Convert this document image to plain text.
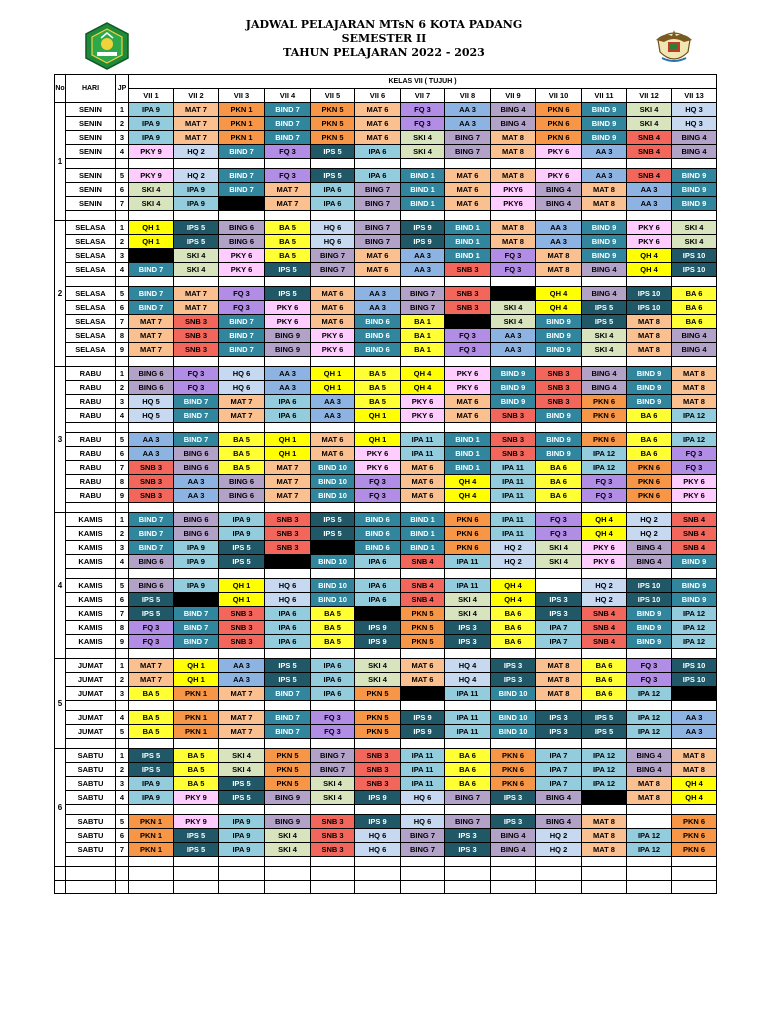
JADWAL PELAJARAN MTsN 6 KOTA PADANG
SEMESTER II
TAHUN PELAJARAN 2022 - 2023
No	HARI	JP	KELAS VII ( TUJUH )												
			VII 1	VII 2	VII 3	VII 4	VII 5	VII 6	VII 7	VII 8	VII 9	VII 10	VII 11	VII 12	VII 13
1	SENIN	1	IPA 9	MAT 7	PKN 1	BIND 7	PKN 5	MAT 6	FQ 3	AA 3	BING 4	PKN 6	BIND 9	SKI 4	HQ 3
	SENIN	2	IPA 9	MAT 7	PKN 1	BIND 7	PKN 5	MAT 6	FQ 3	AA 3	BING 4	PKN 6	BIND 9	SKI 4	HQ 3
	SENIN	3	IPA 9	MAT 7	PKN 1	BIND 7	PKN 5	MAT 6	SKI 4	BING 7	MAT 8	PKN 6	BIND 9	SNB 4	BING 4
	SENIN	4	PKY 9	HQ 2	BIND 7	FQ 3	IPS 5	IPA 6	SKI 4	BING 7	MAT 8	PKY 6	AA 3	SNB 4	BING 4

	SENIN	5	PKY 9	HQ 2	BIND 7	FQ 3	IPS 5	IPA 6	BIND 1	MAT 6	MAT 8	PKY 6	AA 3	SNB 4	BIND 9
	SENIN	6	SKI 4	IPA 9	BIND 7	MAT 7	IPA 6	BING 7	BIND 1	MAT 6	PKY6	BING 4	MAT 8	AA 3	BIND 9
	SENIN	7	SKI 4	IPA 9		MAT 7	IPA 6	BING 7	BIND 1	MAT 6	PKY6	BING 4	MAT 8	AA 3	BIND 9

2	SELASA	1	QH 1	IPS 5	BING 6	BA 5	HQ 6	BING 7	IPS 9	BIND 1	MAT 8	AA 3	BIND 9	PKY 6	SKI 4
	SELASA	2	QH 1	IPS 5	BING 6	BA 5	HQ 6	BING 7	IPS 9	BIND 1	MAT 8	AA 3	BIND 9	PKY 6	SKI 4
	SELASA	3		SKI 4	PKY 6	BA 5	BING 7	MAT 6	AA 3	BIND 1	FQ 3	MAT 8	BIND 9	QH 4	IPS 10
	SELASA	4	BIND 7	SKI 4	PKY 6	IPS 5	BING 7	MAT 6	AA 3	SNB 3	FQ 3	MAT 8	BING 4	QH 4	IPS 10

	SELASA	5	BIND 7	MAT 7	FQ 3	IPS 5	MAT 6	AA 3	BING 7	SNB 3		QH 4	BING 4	IPS 10	BA 6
	SELASA	6	BIND 7	MAT 7	FQ 3	PKY 6	MAT 6	AA 3	BING 7	SNB 3	SKI 4	QH 4	IPS 5	IPS 10	BA 6
	SELASA	7	MAT 7	SNB 3	BIND 7	PKY 6	MAT 6	BIND 6	BA 1		SKI 4	BIND 9	IPS 5	MAT 8	BA 6
	SELASA	8	MAT 7	SNB 3	BIND 7	BING 9	PKY 6	BIND 6	BA 1	FQ 3	AA 3	BIND 9	SKI 4	MAT 8	BING 4
	SELASA	9	MAT 7	SNB 3	BIND 7	BING 9	PKY 6	BIND 6	BA 1	FQ 3	AA 3	BIND 9	SKI 4	MAT 8	BING 4

3	RABU	1	BING 6	FQ 3	HQ 6	AA 3	QH 1	BA 5	QH 4	PKY 6	BIND 9	SNB 3	BING 4	BIND 9	MAT 8
	RABU	2	BING 6	FQ 3	HQ 6	AA 3	QH 1	BA 5	QH 4	PKY 6	BIND 9	SNB 3	BING 4	BIND 9	MAT 8
	RABU	3	HQ 5	BIND 7	MAT 7	IPA 6	AA 3	BA 5	PKY 6	MAT 6	BIND 9	SNB 3	PKN 6	BIND 9	MAT 8
	RABU	4	HQ 5	BIND 7	MAT 7	IPA 6	AA 3	QH 1	PKY 6	MAT 6	SNB 3	BIND 9	PKN 6	BA 6	IPA 12

	RABU	5	AA 3	BIND 7	BA 5	QH 1	MAT 6	QH 1	IPA 11	BIND 1	SNB 3	BIND 9	PKN 6	BA 6	IPA 12
	RABU	6	AA 3	BING 6	BA 5	QH 1	MAT 6	PKY 6	IPA 11	BIND 1	SNB 3	BIND 9	IPA 12	BA 6	FQ 3
	RABU	7	SNB 3	BING 6	BA 5	MAT 7	BIND 10	PKY 6	MAT 6	BIND 1	IPA 11	BA 6	IPA 12	PKN 6	FQ 3
	RABU	8	SNB 3	AA 3	BING 6	MAT 7	BIND 10	FQ 3	MAT 6	QH 4	IPA 11	BA 6	FQ 3	PKN 6	PKY 6
	RABU	9	SNB 3	AA 3	BING 6	MAT 7	BIND 10	FQ 3	MAT 6	QH 4	IPA 11	BA 6	FQ 3	PKN 6	PKY 6

4	KAMIS	1	BIND 7	BING 6	IPA 9	SNB 3	IPS 5	BIND 6	BIND 1	PKN 6	IPA 11	FQ 3	QH 4	HQ 2	SNB 4
	KAMIS	2	BIND 7	BING 6	IPA 9	SNB 3	IPS 5	BIND 6	BIND 1	PKN 6	IPA 11	FQ 3	QH 4	HQ 2	SNB 4
	KAMIS	3	BIND 7	IPA 9	IPS 5	SNB 3		BIND 6	BIND 1	PKN 6	HQ 2	SKI 4	PKY 6	BING 4	SNB 4
	KAMIS	4	BING 6	IPA 9	IPS 5		BIND 10	IPA 6	SNB 4	IPA 11	HQ 2	SKI 4	PKY 6	BING 4	BIND 9

	KAMIS	5	BING 6	IPA 9	QH 1	HQ 6	BIND 10	IPA 6	SNB 4	IPA 11	QH 4		HQ 2	IPS 10	BIND 9
	KAMIS	6	IPS 5		QH 1	HQ 6	BIND 10	IPA 6	SNB 4	SKI 4	QH 4	IPS 3	HQ 2	IPS 10	BIND 9
	KAMIS	7	IPS 5	BIND 7	SNB 3	IPA 6	BA 5		PKN 5	SKI 4	BA 6	IPS 3	SNB 4	BIND 9	IPA 12
	KAMIS	8	FQ 3	BIND 7	SNB 3	IPA 6	BA 5	IPS 9	PKN 5	IPS 3	BA 6	IPA 7	SNB 4	BIND 9	IPA 12
	KAMIS	9	FQ 3	BIND 7	SNB 3	IPA 6	BA 5	IPS 9	PKN 5	IPS 3	BA 6	IPA 7	SNB 4	BIND 9	IPA 12

5	JUMAT	1	MAT 7	QH 1	AA 3	IPS 5	IPA 6	SKI 4	MAT 6	HQ 4	IPS 3	MAT 8	BA 6	FQ 3	IPS 10
	JUMAT	2	MAT 7	QH 1	AA 3	IPS 5	IPA 6	SKI 4	MAT 6	HQ 4	IPS 3	MAT 8	BA 6	FQ 3	IPS 10
	JUMAT	3	BA 5	PKN 1	MAT 7	BIND 7	IPA 6	PKN 5		IPA 11	BIND 10	MAT 8	BA 6	IPA 12	

	JUMAT	4	BA 5	PKN 1	MAT 7	BIND 7	FQ 3	PKN 5	IPS 9	IPA 11	BIND 10	IPS 3	IPS 5	IPA 12	AA 3
	JUMAT	5	BA 5	PKN 1	MAT 7	BIND 7	FQ 3	PKN 5	IPS 9	IPA 11	BIND 10	IPS 3	IPS 5	IPA 12	AA 3

6	SABTU	1	IPS 5	BA 5	SKI 4	PKN 5	BING 7	SNB 3	IPA 11	BA 6	PKN 6	IPA 7	IPA 12	BING 4	MAT 8
	SABTU	2	IPS 5	BA 5	SKI 4	PKN 5	BING 7	SNB 3	IPA 11	BA 6	PKN 6	IPA 7	IPA 12	BING 4	MAT 8
	SABTU	3	IPA 9	BA 5	IPS 5	PKN 5	SKI 4	SNB 3	IPA 11	BA 6	PKN 6	IPA 7	IPA 12	MAT 8	QH 4
	SABTU	4	IPA 9	PKY 9	IPS 5	BING 9	SKI 4	IPS 9	HQ 6	BING 7	IPS 3	BING 4		MAT 8	QH 4

	SABTU	5	PKN 1	PKY 9	IPA 9	BING 9	SNB 3	IPS 9	HQ 6	BING 7	IPS 3	BING 4	MAT 8		PKN 6
	SABTU	6	PKN 1	IPS 5	IPA 9	SKI 4	SNB 3	HQ 6	BING 7	IPS 3	BING 4	HQ 2	MAT 8	IPA 12	PKN 6
	SABTU	7	PKN 1	IPS 5	IPA 9	SKI 4	SNB 3	HQ 6	BING 7	IPS 3	BING 4	HQ 2	MAT 8	IPA 12	PKN 6
